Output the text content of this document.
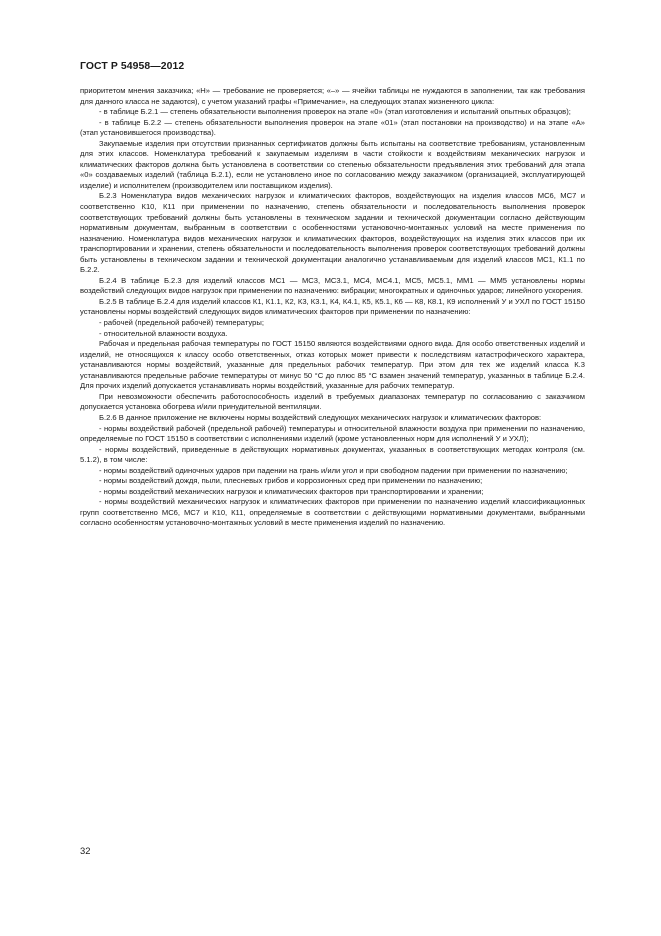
ГОСТ Р 54958—2012

приоритетом мнения заказчика; «Н» — требование не проверяется; «–» — ячейки таблицы не нуждаются в заполнении, так как требования для данного класса не задаются), с учетом указаний графы «Примечание», на следующих этапах жизненного цикла:

- в таблице Б.2.1 — степень обязательности выполнения проверок на этапе «0» (этап изготовления и испытаний опытных образцов);

- в таблице Б.2.2 — степень обязательности выполнения проверок на этапе «01» (этап постановки на производство) и на этапе «А» (этап установившегося производства).

Закупаемые изделия при отсутствии признанных сертификатов должны быть испытаны на соответствие требованиям, установленным для этих классов. Номенклатура требований к закупаемым изделиям в части стойкости к воздействиям механических нагрузок и климатических факторов должна быть установлена в соответствии со степенью обязательности предъявления этих требований для этапа «0» создаваемых изделий (таблица Б.2.1), если не установлено иное по согласованию между заказчиком (организацией, эксплуатирующей изделие) и исполнителем (производителем или поставщиком изделия).

Б.2.3 Номенклатура видов механических нагрузок и климатических факторов, воздействующих на изделия классов МС6, МС7 и соответственно К10, К11 при применении по назначению, степень обязательности и последовательность выполнения проверок соответствующих требований должны быть установлены в техническом задании и технической документации согласно действующим нормативным документам, выбранным в соответствии с особенностями установочно-монтажных условий на месте применения по назначению. Номенклатура видов механических нагрузок и климатических факторов, воздействующих на изделия этих классов при их транспортировании и хранении, степень обязательности и последовательность выполнения проверок соответствующих требований должны быть установлены в техническом задании и технической документации аналогично устанавливаемым для изделий классов МС1, К1.1 по Б.2.2.

Б.2.4 В таблице Б.2.3 для изделий классов МС1 — МС3, МС3.1, МС4, МС4.1, МС5, МС5.1, ММ1 — ММ5 установлены нормы воздействий следующих видов нагрузок при применении по назначению: вибрации; многократных и одиночных ударов; линейного ускорения.

Б.2.5 В таблице Б.2.4 для изделий классов К1, К1.1, К2, К3, К3.1, К4, К4.1, К5, К5.1, К6 — К8, К8.1, К9 исполнений У и УХЛ по ГОСТ 15150 установлены нормы воздействий следующих видов климатических факторов при применении по назначению:

- рабочей (предельной рабочей) температуры;

- относительной влажности воздуха.

Рабочая и предельная рабочая температуры по ГОСТ 15150 являются воздействиями одного вида. Для особо ответственных изделий и изделий, не относящихся к классу особо ответственных, отказ которых может привести к последствиям катастрофического характера, устанавливаются нормы воздействий, указанные для предельных рабочих температур. При этом для тех же изделий класса К.3 устанавливаются предельные рабочие температуры от минус 50 °С до плюс 85 °С взамен значений температур, указанных в таблице Б.2.4. Для прочих изделий допускается устанавливать нормы воздействий, указанные для рабочих температур.

При невозможности обеспечить работоспособность изделий в требуемых диапазонах температур по согласованию с заказчиком допускается установка обогрева и/или принудительной вентиляции.

Б.2.6 В данное приложение не включены нормы воздействий следующих механических нагрузок и климатических факторов:

- нормы воздействий рабочей (предельной рабочей) температуры и относительной влажности воздуха при применении по назначению, определяемые по ГОСТ 15150 в соответствии с исполнениями изделий (кроме установленных норм для исполнений У и УХЛ);

- нормы воздействий, приведенные в действующих нормативных документах, указанных в соответствующих методах контроля (см. 5.1.2), в том числе:

- нормы воздействий одиночных ударов при падении на грань и/или угол и при свободном падении при применении по назначению;

- нормы воздействий дождя, пыли, плесневых грибов и коррозионных сред при применении по назначению;

- нормы воздействий механических нагрузок и климатических факторов при транспортировании и хранении;

- нормы воздействий механических нагрузок и климатических факторов при применении по назначению изделий классификационных групп соответственно МС6, МС7 и К10, К11, определяемые в соответствии с действующими нормативными документами, выбранными согласно особенностям установочно-монтажных условий в месте применения изделий по назначению.

32
